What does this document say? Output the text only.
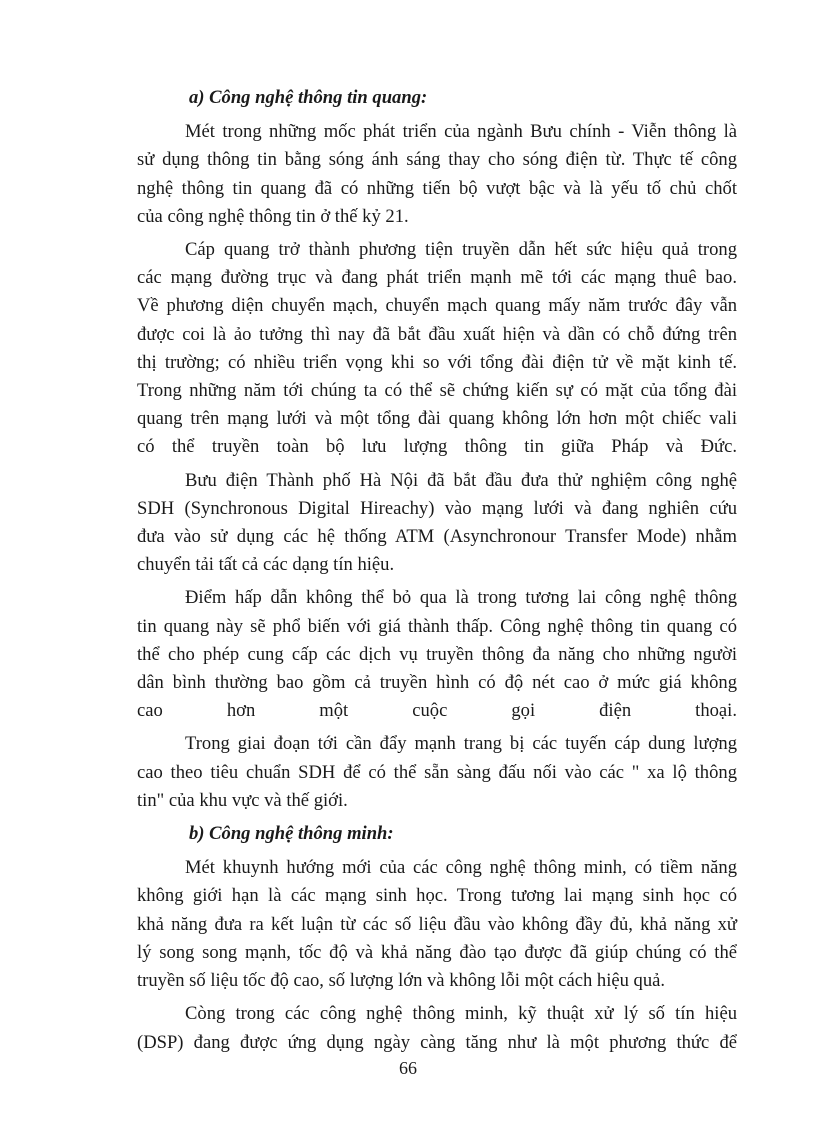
a) Công nghệ thông tin quang:
Mét trong những mốc phát triển của ngành Bưu chính - Viễn thông là
sử dụng thông tin bằng sóng ánh sáng thay cho sóng điện từ. Thực tế công
nghệ thông tin quang đã có những tiến bộ vượt bậc và là yếu tố chủ chốt
của công nghệ thông tin ở thế kỷ 21.
Cáp quang trở thành phương tiện truyền dẫn hết sức hiệu quả trong
các mạng đường trục và đang phát triển mạnh mẽ tới các mạng thuê bao.
Về phương diện chuyển mạch, chuyển mạch quang mấy năm trước đây vẫn
được coi là ảo tưởng thì nay đã bắt đầu xuất hiện và dần có chỗ đứng trên
thị trường; có nhiều triển vọng khi so với tổng đài điện tử về mặt kinh tế.
Trong những năm tới chúng ta có thể sẽ chứng kiến sự có mặt của tổng đài
quang trên mạng lưới và một tổng đài quang không lớn hơn một chiếc vali
có thể truyền toàn bộ lưu lượng thông tin giữa Pháp và Đức.
Bưu điện Thành phố Hà Nội đã bắt đầu đưa thử nghiệm công nghệ
SDH (Synchronous Digital Hireachy) vào mạng lưới và đang nghiên cứu
đưa vào sử dụng các hệ thống ATM (Asynchronour Transfer Mode) nhằm
chuyển tải tất cả các dạng tín hiệu.
Điểm hấp dẫn không thể bỏ qua là trong tương lai công nghệ thông
tin quang này sẽ phổ biến với giá thành thấp. Công nghệ thông tin quang có
thể cho phép cung cấp các dịch vụ truyền thông đa năng cho những người
dân bình thường bao gồm cả truyền hình có độ nét cao ở mức giá không
cao hơn một cuộc gọi điện thoại.
Trong giai đoạn tới cần đẩy mạnh trang bị các tuyến cáp dung lượng
cao theo tiêu chuẩn SDH để có thể sẵn sàng đấu nối vào các " xa lộ thông
tin" của khu vực và thế giới.
b) Công nghệ thông minh:
Mét khuynh hướng mới của các công nghệ thông minh, có tiềm năng
không giới hạn là các mạng sinh học. Trong tương lai mạng sinh học có
khả năng đưa ra kết luận từ các số liệu đầu vào không đầy đủ, khả năng xử
lý song song mạnh, tốc độ và khả năng đào tạo được đã giúp chúng có thể
truyền số liệu tốc độ cao, số lượng lớn và không lỗi một cách hiệu quả.
Còng trong các công nghệ thông minh, kỹ thuật xử lý số tín hiệu
(DSP) đang được ứng dụng ngày càng tăng như là một phương thức để
66
